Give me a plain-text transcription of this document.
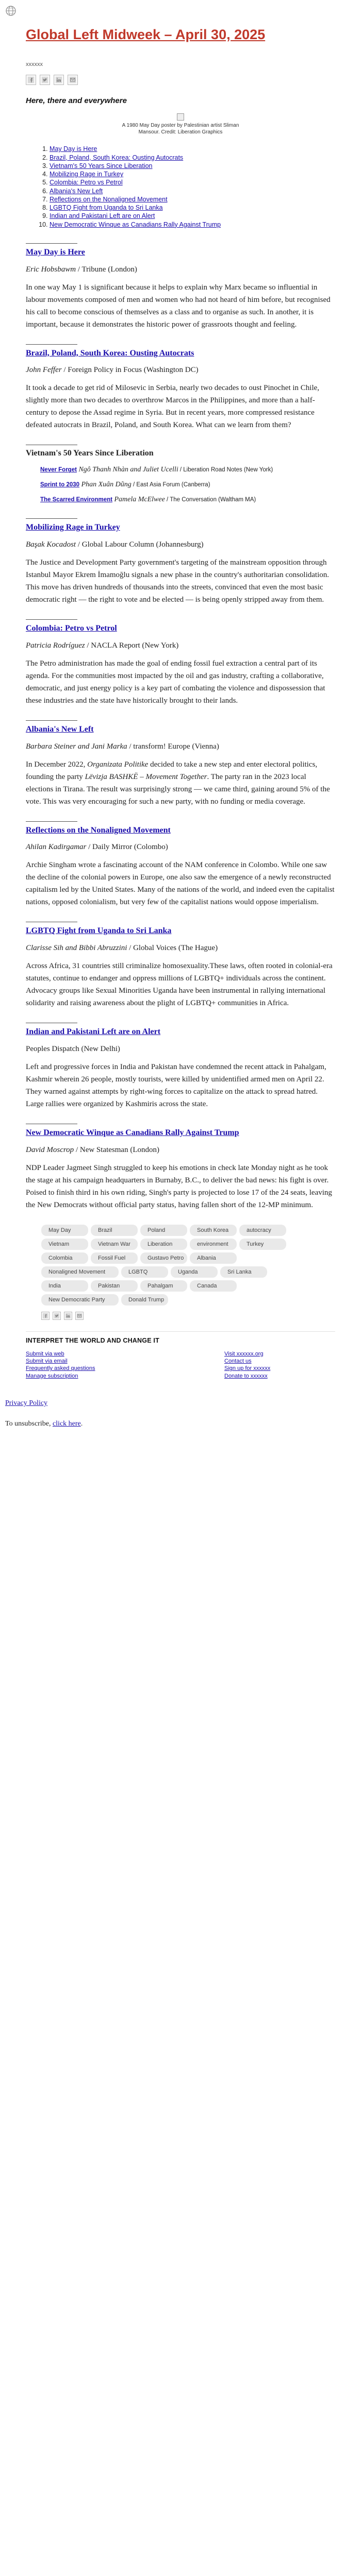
Global Left Midweek – April 30, 2025
xxxxxx
Here, there and everywhere
A 1980 May Day poster by Palestinian artist Sliman
Mansour. Credit: Liberation Graphics
1. May Day is Here
2. Brazil, Poland, South Korea: Ousting Autocrats
3. Vietnam's 50 Years Since Liberation
4. Mobilizing Rage in Turkey
5. Colombia: Petro vs Petrol
6. Albania's New Left
7. Reflections on the Nonaligned Movement
8. LGBTQ Fight from Uganda to Sri Lanka
9. Indian and Pakistani Left are on Alert
10. New Democratic Winque as Canadians Rally Against Trump
May Day is Here

Eric Hobsbawm / Tribune (London)

In one way May 1 is significant because it helps to explain why Marx became so influential in labour movements composed of men and women who had not heard of him before, but recognised his call to become conscious of themselves as a class and to organise as such. In another, it is important, because it demonstrates the historic power of grassroots thought and feeling.

Brazil, Poland, South Korea: Ousting Autocrats

John Feffer / Foreign Policy in Focus (Washington DC)

It took a decade to get rid of Milosevic in Serbia, nearly two decades to oust Pinochet in Chile, slightly more than two decades to overthrow Marcos in the Philippines, and more than a half-century to depose the Assad regime in Syria. But in recent years, more compressed resistance defeated autocrats in Brazil, Poland, and South Korea. What can we learn from them?

Vietnam's 50 Years Since Liberation
Never Forget Ngô Thanh Nhàn and Juliet Ucelli / Liberation Road Notes (New York)
Sprint to 2030 Phan Xuân Dũng / East Asia Forum (Canberra)
The Scarred Environment Pamela McElwee / The Conversation (Waltham MA)
Mobilizing Rage in Turkey

Başak Kocadost / Global Labour Column (Johannesburg)

The Justice and Development Party government's targeting of the mainstream opposition through Istanbul Mayor Ekrem İmamoğlu signals a new phase in the country's authoritarian consolidation. This move has driven hundreds of thousands into the streets, convinced that even the most basic democratic right — the right to vote and be elected — is being openly stripped away from them.

Colombia: Petro vs Petrol

Patricia Rodríguez / NACLA Report (New York)

The Petro administration has made the goal of ending fossil fuel extraction a central part of its agenda. For the communities most impacted by the oil and gas industry, crafting a collaborative, democratic, and just energy policy is a key part of combating the violence and dispossession that these industries and the state have historically brought to their lands.

Albania's New Left

Barbara Steiner and Jani Marka / transform! Europe (Vienna)

In December 2022, Organizata Politike decided to take a new step and enter electoral politics, founding the party Lëvizja BASHKË – Movement Together. The party ran in the 2023 local elections in Tirana. The result was surprisingly strong — we came third, gaining around 5% of the vote. This was very encouraging for such a new party, with no funding or media coverage.

Reflections on the Nonaligned Movement

Ahilan Kadirgamar / Daily Mirror (Colombo)

Archie Singham wrote a fascinating account of the NAM conference in Colombo. While one saw the decline of the colonial powers in Europe, one also saw the emergence of a newly reconstructed capitalism led by the United States. Many of the nations of the world, and indeed even the capitalist nations, opposed colonialism, but very few of the capitalist nations would oppose imperialism.

LGBTQ Fight from Uganda to Sri Lanka

Clarisse Sih and Bibbi Abruzzini / Global Voices (The Hague)

Across Africa, 31 countries still criminalize homosexuality.These laws, often rooted in colonial-era statutes, continue to endanger and oppress millions of LGBTQ+ individuals across the continent. Advocacy groups like Sexual Minorities Uganda have been instrumental in rallying international solidarity and raising awareness about the plight of LGBTQ+ communities in Africa.

Indian and Pakistani Left are on Alert

Peoples Dispatch (New Delhi)

Left and progressive forces in India and Pakistan have condemned the recent attack in Pahalgam, Kashmir wherein 26 people, mostly tourists, were killed by unidentified armed men on April 22. They warned against attempts by right-wing forces to capitalize on the attack to spread hatred. Large rallies were organized by Kashmiris across the state.

New Democratic Winque as Canadians Rally Against Trump

David Moscrop / New Statesman (London)

NDP Leader Jagmeet Singh struggled to keep his emotions in check late Monday night as he took the stage at his campaign headquarters in Burnaby, B.C., to deliver the bad news: his fight is over. Poised to finish third in his own riding, Singh's party is projected to lose 17 of the 24 seats, leaving the New Democrats without official party status, having fallen short of the 12-MP minimum.

May Day	Brazil	Poland	South Korea	autocracy
Vietnam	Vietnam War	Liberation	environment	Turkey
Colombia	Fossil Fuel	Gustavo Petro	Albania
Nonaligned Movement	LGBTQ	Uganda	Sri Lanka
India	Pakistan	Pahalgam	Canada
New Democratic Party	Donald Trump
INTERPRET THE WORLD AND CHANGE IT
Submit via web
Submit via email
Frequently asked questions
Manage subscription
Visit xxxxxx.org
Contact us
Sign up for xxxxxx
Donate to xxxxxx

Privacy Policy

To unsubscribe, click here.
